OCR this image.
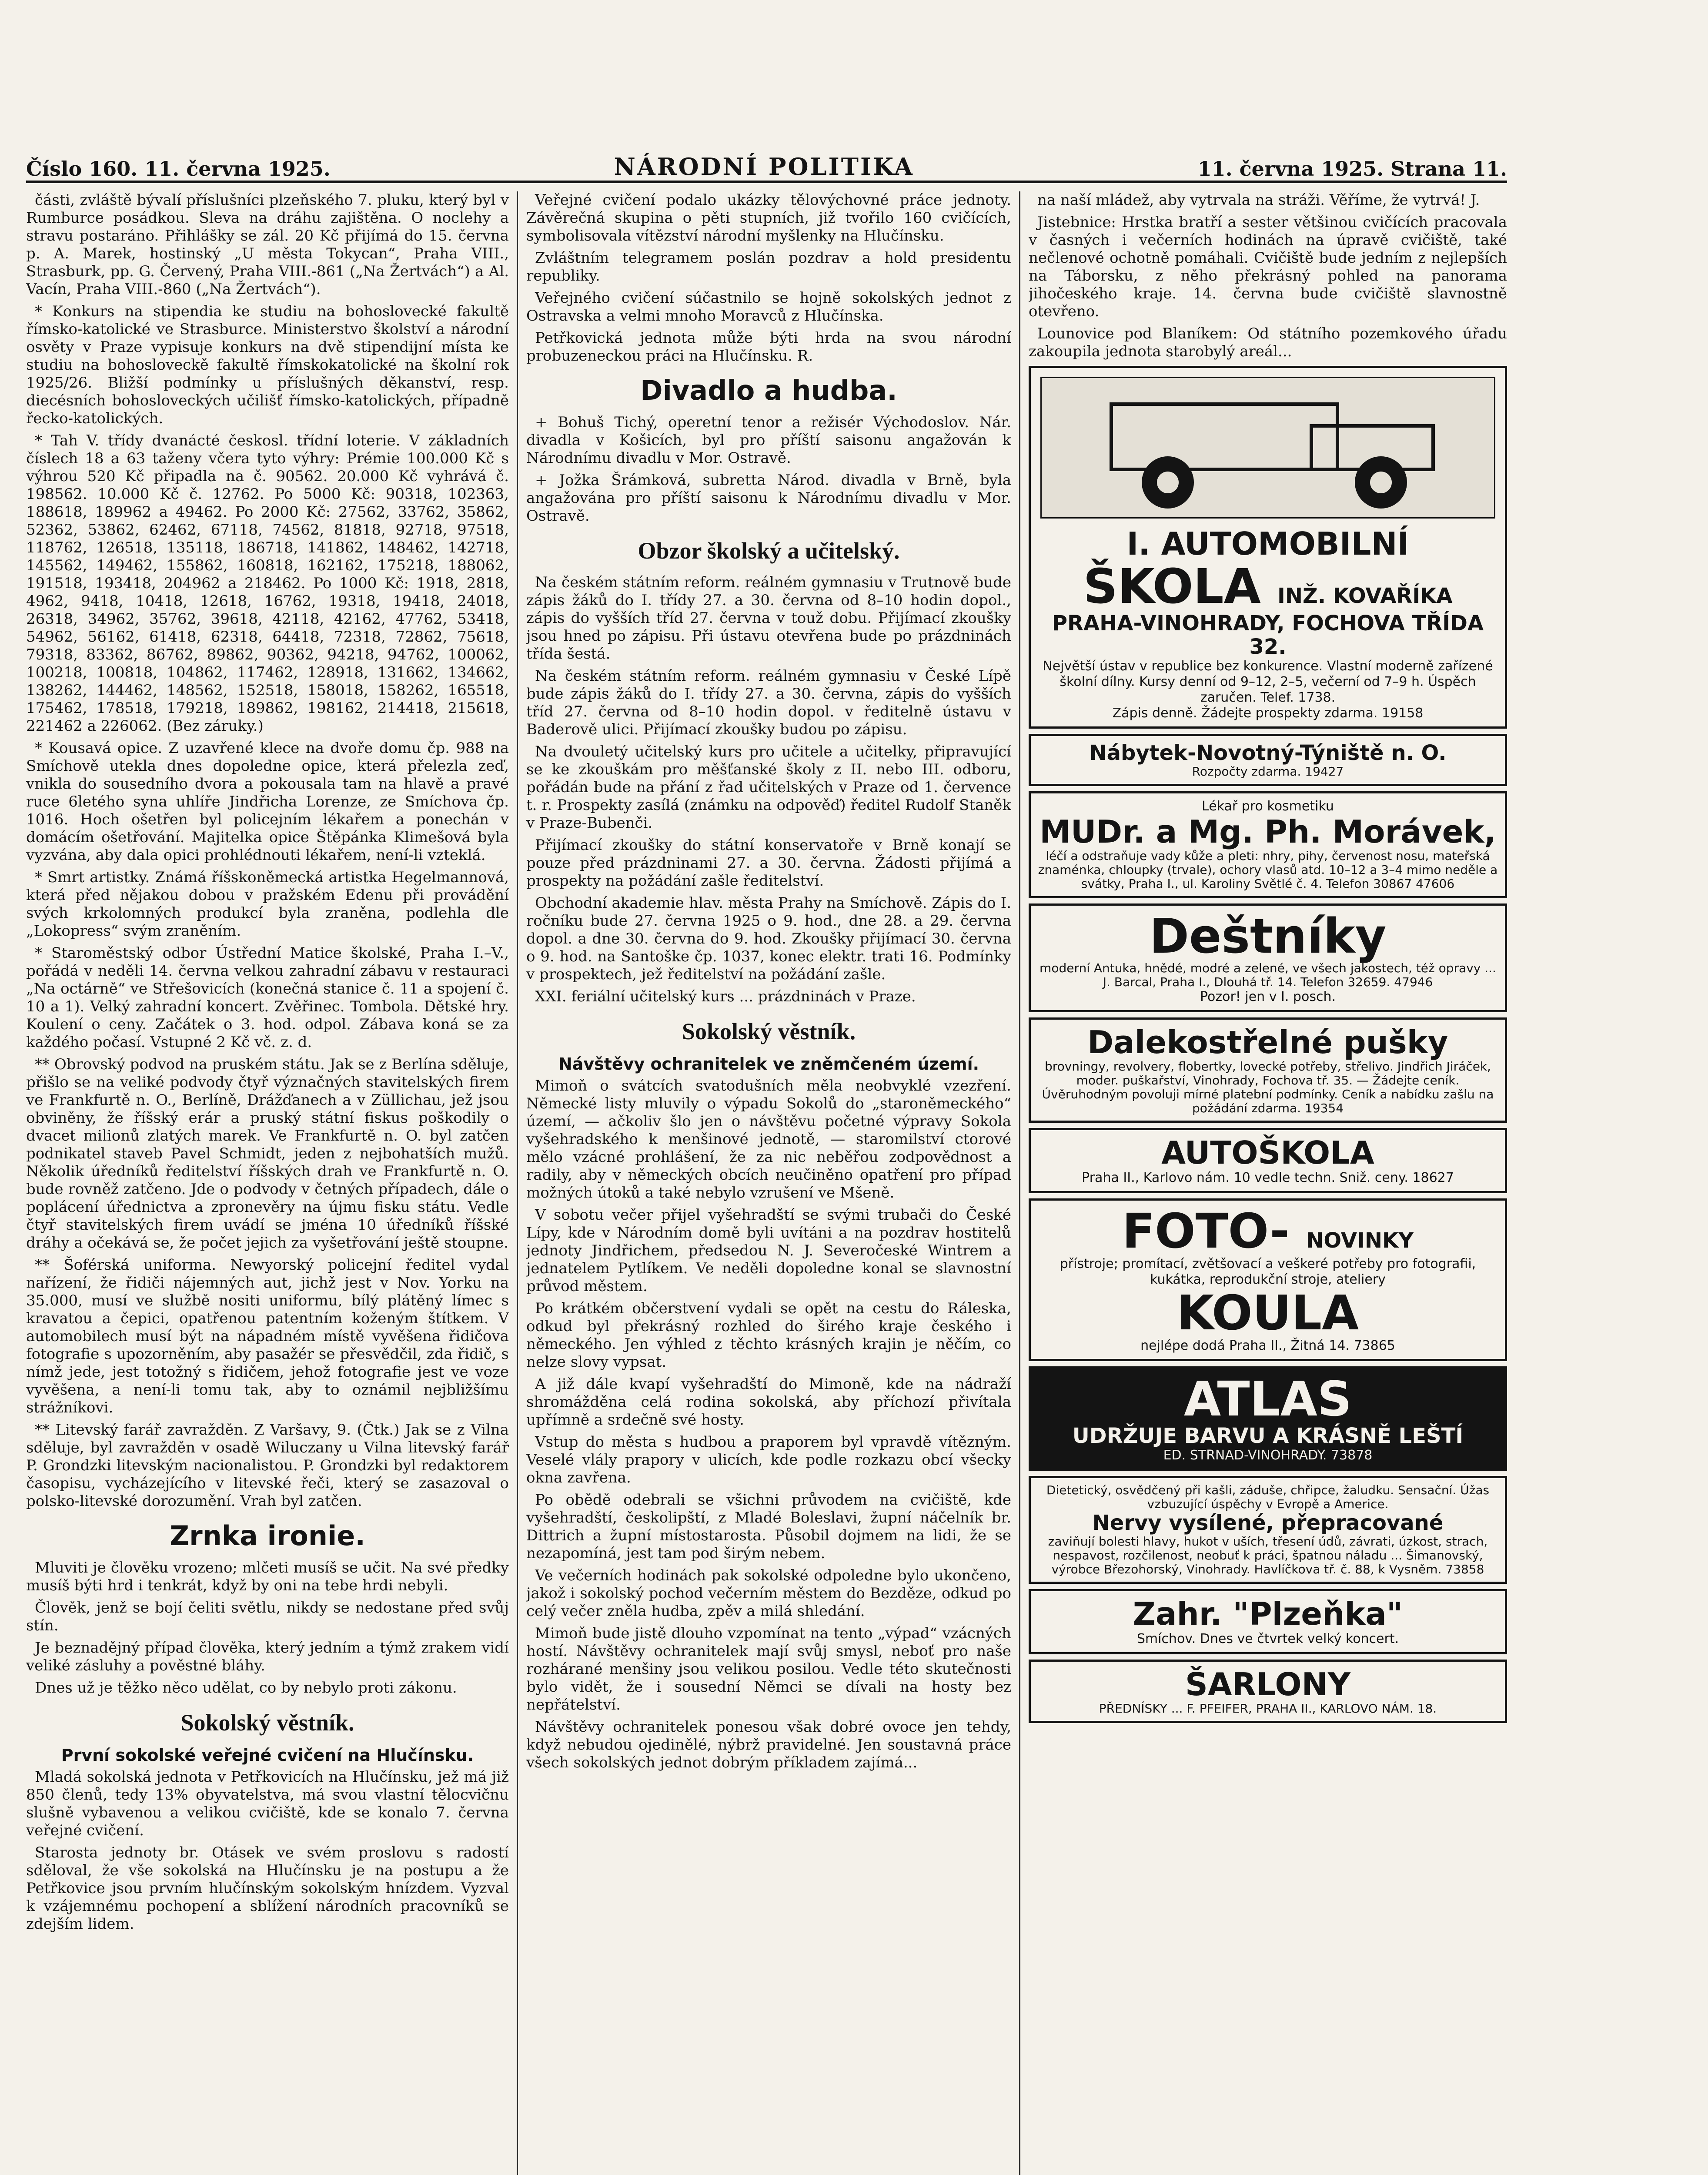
Číslo 160. 11. června 1925.	NÁRODNÍ POLITIKA	11. června 1925. Strana 11.

části, zvláště bývalí příslušníci plzeňského 7. pluku, který byl v Rumburce posádkou. Sleva na dráhu zajištěna. O noclehy a stravu postaráno. Přihlášky se zál. 20 Kč přijímá do 15. června p. A. Marek, hostinský „U města Tokycan“, Praha VIII., Strasburk, pp. G. Červený, Praha VIII.-861 („Na Žertvách“) a Al. Vacín, Praha VIII.-860 („Na Žertvách“).

* Konkurs na stipendia ke studiu na bohoslovecké fakultě římsko-katolické ve Strasburce. Ministerstvo školství a národní osvěty v Praze vypisuje konkurs na dvě stipendijní místa ke studiu na bohosloveckě fakultě římskokatolické na školní rok 1925/26. Bližší podmínky u příslušných děkanství, resp. diecésních bohosloveckých učilišť římsko-katolických, případně řecko-katolických.

* Tah V. třídy dvanácté českosl. třídní loterie. V základních číslech 18 a 63 taženy včera tyto výhry: Prémie 100.000 Kč s výhrou 520 Kč připadla na č. 90562. 20.000 Kč vyhrává č. 198562. 10.000 Kč č. 12762. Po 5000 Kč: 90318, 102363, 188618, 189962 a 49462. Po 2000 Kč: 27562, 33762, 35862, 52362, 53862, 62462, 67118, 74562, 81818, 92718, 97518, 118762, 126518, 135118, 186718, 141862, 148462, 142718, 145562, 149462, 155862, 160818, 162162, 175218, 188062, 191518, 193418, 204962 a 218462. Po 1000 Kč: 1918, 2818, 4962, 9418, 10418, 12618, 16762, 19318, 19418, 24018, 26318, 34962, 35762, 39618, 42118, 42162, 47762, 53418, 54962, 56162, 61418, 62318, 64418, 72318, 72862, 75618, 79318, 83362, 86762, 89862, 90362, 94218, 94762, 100062, 100218, 100818, 104862, 117462, 128918, 131662, 134662, 138262, 144462, 148562, 152518, 158018, 158262, 165518, 175462, 178518, 179218, 189862, 198162, 214418, 215618, 221462 a 226062. (Bez záruky.)

* Kousavá opice. Z uzavřené klece na dvoře domu čp. 988 na Smíchově utekla dnes dopoledne opice, která přelezla zeď, vnikla do sousedního dvora a pokousala tam na hlavě a pravé ruce 6letého syna uhlíře Jindřicha Lorenze, ze Smíchova čp. 1016. Hoch ošetřen byl policejním lékařem a ponechán v domácím ošetřování. Majitelka opice Štěpánka Klimešová byla vyzvána, aby dala opici prohlédnouti lékařem, není-li vzteklá.

* Smrt artistky. Známá říšskoněmecká artistka Hegelmannová, která před nějakou dobou v pražském Edenu při provádění svých krkolomných produkcí byla zraněna, podlehla dle „Lokopress“ svým zraněním.

* Staroměstský odbor Ústřední Matice školské, Praha I.–V., pořádá v neděli 14. června velkou zahradní zábavu v restauraci „Na octárně“ ve Střešovicích (konečná stanice č. 11 a spojení č. 10 a 1). Velký zahradní koncert. Zvěřinec. Tombola. Dětské hry. Koulení o ceny. Začátek o 3. hod. odpol. Zábava koná se za každého počasí. Vstupné 2 Kč vč. z. d.

** Obrovský podvod na pruském státu. Jak se z Berlína sděluje, přišlo se na veliké podvody čtyř význačných stavitelských firem ve Frankfurtě n. O., Berlíně, Drážďanech a v Züllichau, jež jsou obviněny, že říšský erár a pruský státní fiskus poškodily o dvacet milionů zlatých marek. Ve Frankfurtě n. O. byl zatčen podnikatel staveb Pavel Schmidt, jeden z nejbohatších mužů. Několik úředníků ředitelství říšských drah ve Frankfurtě n. O. bude rovněž zatčeno. Jde o podvody v četných případech, dále o poplácení úřednictva a zpronevěry na újmu fisku státu. Vedle čtyř stavitelských firem uvádí se jména 10 úředníků říšské dráhy a očekává se, že počet jejich za vyšetřování ještě stoupne.

** Šoférská uniforma. Newyorský policejní ředitel vydal nařízení, že řidiči nájemných aut, jichž jest v Nov. Yorku na 35.000, musí ve službě nositi uniformu, bílý plátěný límec s kravatou a čepici, opatřenou patentním koženým štítkem. V automobilech musí být na nápadném místě vyvěšena řidičova fotografie s upozorněním, aby pasažér se přesvědčil, zda řidič, s nímž jede, jest totožný s řidičem, jehož fotografie jest ve voze vyvěšena, a není-li tomu tak, aby to oznámil nejbližšímu strážníkovi.

** Litevský farář zavražděn. Z Varšavy, 9. (Čtk.) Jak se z Vilna sděluje, byl zavražděn v osadě Wiluczany u Vilna litevský farář P. Grondzki litevským nacionalistou. P. Grondzki byl redaktorem časopisu, vycházejícího v litevské řeči, který se zasazoval o polsko-litevské dorozumění. Vrah byl zatčen.

Zrnka ironie.

Mluviti je člověku vrozeno; mlčeti musíš se učit. Na své předky musíš býti hrd i tenkrát, když by oni na tebe hrdi nebyli.

Člověk, jenž se bojí čeliti světlu, nikdy se nedostane před svůj stín.

Je beznadějný případ člověka, který jedním a týmž zrakem vidí veliké zásluhy a pověstné bláhy.

Dnes už je těžko něco udělat, co by nebylo proti zákonu.

Sokolský věstník.
První sokolské veřejné cvičení na Hlučínsku.

Mladá sokolská jednota v Petřkovicích na Hlučínsku, jež má již 850 členů, tedy 13% obyvatelstva, má svou vlastní tělocvičnu slušně vybavenou a velikou cvičiště, kde se konalo 7. června veřejné cvičení.

Starosta jednoty br. Otásek ve svém proslovu s radostí sděloval, že vše sokolská na Hlučínsku je na postupu a že Petřkovice jsou prvním hlučínským sokolským hnízdem. Vyzval k vzájemnému pochopení a sblížení národních pracovníků se zdejším lidem.

Veřejné cvičení podalo ukázky tělovýchovné práce jednoty. Závěrečná skupina o pěti stupních, již tvořilo 160 cvičících, symbolisovala vítězství národní myšlenky na Hlučínsku.

Zvláštním telegramem poslán pozdrav a hold presidentu republiky.

Veřejného cvičení súčastnilo se hojně sokolských jednot z Ostravska a velmi mnoho Moravců z Hlučínska.

Petřkovická jednota může býti hrda na svou národní probuzeneckou práci na Hlučínsku. R.

Divadlo a hudba.

+ Bohuš Tichý, operetní tenor a režisér Východoslov. Nár. divadla v Košicích, byl pro příští saisonu angažován k Národnímu divadlu v Mor. Ostravě.

+ Jožka Šrámková, subretta Národ. divadla v Brně, byla angažována pro příští saisonu k Národnímu divadlu v Mor. Ostravě.

Obzor školský a učitelský.

Na českém státním reform. reálném gymnasiu v Trutnově bude zápis žáků do I. třídy 27. a 30. června od 8–10 hodin dopol., zápis do vyšších tříd 27. června v touž dobu. Přijímací zkoušky jsou hned po zápisu. Při ústavu otevřena bude po prázdninách třída šestá.

Na českém státním reform. reálném gymnasiu v České Lípě bude zápis žáků do I. třídy 27. a 30. června, zápis do vyšších tříd 27. června od 8–10 hodin dopol. v ředitelně ústavu v Baderově ulici. Přijímací zkoušky budou po zápisu.

Na dvouletý učitelský kurs pro učitele a učitelky, připravující se ke zkouškám pro měšťanské školy z II. nebo III. odboru, pořádán bude na přání z řad učitelských v Praze od 1. července t. r. Prospekty zasílá (známku na odpověď) ředitel Rudolf Staněk v Praze-Bubenči.

Přijímací zkoušky do státní konservatoře v Brně konají se pouze před prázdninami 27. a 30. června. Žádosti přijímá a prospekty na požádání zašle ředitelství.

Obchodní akademie hlav. města Prahy na Smíchově. Zápis do I. ročníku bude 27. června 1925 o 9. hod., dne 28. a 29. června dopol. a dne 30. června do 9. hod. Zkoušky přijímací 30. června o 9. hod. na Santoške čp. 1037, konec elektr. trati 16. Podmínky v prospektech, jež ředitelství na požádání zašle.

XXI. feriální učitelský kurs ... prázdninách v Praze.

Sokolský věstník.
Návštěvy ochranitelek ve zněmčeném území.

Mimoň o svátcích svatodušních měla neobvyklé vzezření. Německé listy mluvily o výpadu Sokolů do „staroněmeckého“ území, — ačkoliv šlo jen o návštěvu početné výpravy Sokola vyšehradského k menšinové jednotě, — staromilství ctorové mělo vzácné prohlášení, že za nic neběřou zodpovědnost a radily, aby v německých obcích neučiněno opatření pro případ možných útoků a také nebylo vzrušení ve Mšeně.

V sobotu večer přijel vyšehradští se svými trubači do České Lípy, kde v Národním domě byli uvítáni a na pozdrav hostitelů jednoty Jindřichem, předsedou N. J. Severočeské Wintrem a jednatelem Pytlíkem. Ve neděli dopoledne konal se slavnostní průvod městem.

Po krátkém občerstvení vydali se opět na cestu do Ráleska, odkud byl překrásný rozhled do širého kraje českého i německého. Jen výhled z těchto krásných krajin je něčím, co nelze slovy vypsat.

A již dále kvapí vyšehradští do Mimoně, kde na nádraží shromážděna celá rodina sokolská, aby příchozí přivítala upřímně a srdečně své hosty.

Vstup do města s hudbou a praporem byl vpravdě vítězným. Veselé vlály prapory v ulicích, kde podle rozkazu obcí všecky okna zavřena.

Po obědě odebrali se všichni průvodem na cvičiště, kde vyšehradští, českolipští, z Mladé Boleslavi, župní náčelník br. Dittrich a župní místostarosta. Působil dojmem na lidi, že se nezapomíná, jest tam pod širým nebem.

Ve večerních hodinách pak sokolské odpoledne bylo ukončeno, jakož i sokolský pochod večerním městem do Bezděze, odkud po celý večer zněla hudba, zpěv a milá shledání.

Mimoň bude jistě dlouho vzpomínat na tento „výpad“ vzácných hostí. Návštěvy ochranitelek mají svůj smysl, neboť pro naše rozhárané menšiny jsou velikou posilou. Vedle této skutečnosti bylo vidět, že i sousední Němci se dívali na hosty bez nepřátelství.

Návštěvy ochranitelek ponesou však dobré ovoce jen tehdy, když nebudou ojedinělé, nýbrž pravidelné. Jen soustavná práce všech sokolských jednot dobrým příkladem zajímá...

na naší mládež, aby vytrvala na stráži. Věříme, že vytrvá! J.

Jistebnice: Hrstka bratří a sester většinou cvičících pracovala v časných i večerních hodinách na úpravě cvičiště, také nečlenové ochotně pomáhali. Cvičiště bude jedním z nejlepších na Táborsku, z něho překrásný pohled na panorama jihočeského kraje. 14. června bude cvičiště slavnostně otevřeno.

Lounovice pod Blaníkem: Od státního pozemkového úřadu zakoupila jednota starobylý areál...

I. AUTOMOBILNÍ
ŠKOLA INŽ. KOVAŘÍKA
PRAHA-VINOHRADY, FOCHOVA TŘÍDA 32.
Největší ústav v republice bez konkurence. Vlastní moderně zařízené školní dílny. Kursy denní od 9–12, 2–5, večerní od 7–9 h. Úspěch zaručen. Telef. 1738.
Zápis denně. Žádejte prospekty zdarma. 19158
Nábytek-Novotný-Týniště n. O.
Rozpočty zdarma. 19427
Lékař pro kosmetiku
MUDr. a Mg. Ph. Morávek,
léčí a odstraňuje vady kůže a pleti: nhry, pihy, červenost nosu, mateřská znaménka, chloupky (trvale), ochory vlasů atd. 10–12 a 3–4 mimo neděle a svátky, Praha I., ul. Karoliny Světlé č. 4. Telefon 30867 47606
Deštníky
moderní Antuka, hnědé, modré a zelené, ve všech jakostech, též opravy ... J. Barcal, Praha I., Dlouhá tř. 14. Telefon 32659. 47946
Pozor! jen v I. posch.
Dalekostřelné pušky
brovningy, revolvery, flobertky, lovecké potřeby, střelivo. Jindřich Jiráček, moder. puškařství, Vinohrady, Fochova tř. 35. — Žádejte ceník. Úvěruhodným povoluji mírné platební podmínky. Ceník a nabídku zašlu na požádání zdarma. 19354
AUTOŠKOLA
Praha II., Karlovo nám. 10 vedle techn. Sniž. ceny. 18627
FOTO- NOVINKY
přístroje; promítací, zvětšovací a veškeré potřeby pro fotografii, kukátka, reprodukční stroje, ateliery
KOULA
nejlépe dodá Praha II., Žitná 14. 73865
ATLAS
UDRŽUJE BARVU A KRÁSNĚ LEŠTÍ
ED. STRNAD-VINOHRADY. 73878
Dietetický, osvědčený při kašli, záduše, chřipce, žaludku. Sensační. Úžas vzbuzující úspěchy v Evropě a Americe.
Nervy vysílené, přepracované
zaviňují bolesti hlavy, hukot v uších, třesení údů, závrati, úzkost, strach, nespavost, rozčilenost, neobuť k práci, špatnou náladu ... Šimanovský, výrobce Březohorský, Vinohrady. Havlíčkova tř. č. 88, k Vysněm. 73858
Zahr. "Plzeňka"
Smíchov. Dnes ve čtvrtek velký koncert.
ŠARLONY
PŘEDNÍSKY ... F. PFEIFER, PRAHA II., KARLOVO NÁM. 18.
